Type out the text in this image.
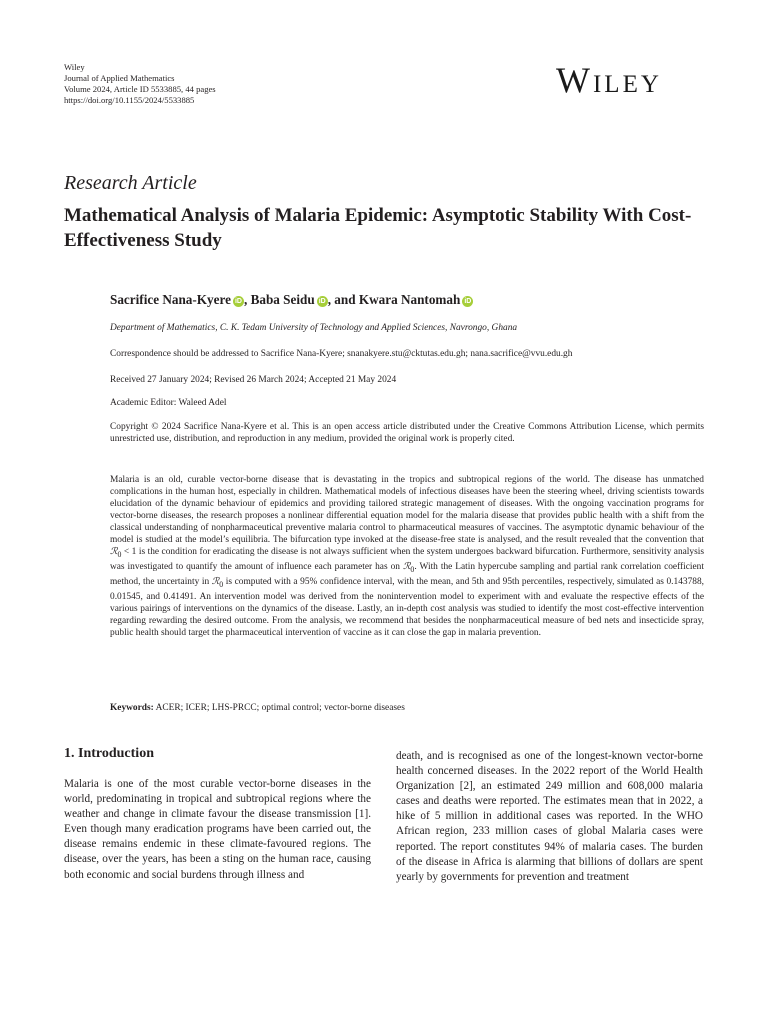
Wiley
Journal of Applied Mathematics
Volume 2024, Article ID 5533885, 44 pages
https://doi.org/10.1155/2024/5533885	Wiley
Research Article
Mathematical Analysis of Malaria Epidemic: Asymptotic Stability With Cost-Effectiveness Study
Sacrifice Nana-Kyere iD , Baba Seidu iD , and Kwara Nantomah iD
Department of Mathematics, C. K. Tedam University of Technology and Applied Sciences, Navrongo, Ghana
Correspondence should be addressed to Sacrifice Nana-Kyere; snanakyere.stu@cktutas.edu.gh; nana.sacrifice@vvu.edu.gh
Received 27 January 2024; Revised 26 March 2024; Accepted 21 May 2024
Academic Editor: Waleed Adel
Copyright © 2024 Sacrifice Nana-Kyere et al. This is an open access article distributed under the Creative Commons Attribution License, which permits unrestricted use, distribution, and reproduction in any medium, provided the original work is properly cited.
Malaria is an old, curable vector-borne disease that is devastating in the tropics and subtropical regions of the world. The disease has unmatched complications in the human host, especially in children. Mathematical models of infectious diseases have been the steering wheel, driving scientists towards elucidation of the dynamic behaviour of epidemics and providing tailored strategic management of diseases. With the ongoing vaccination programs for vector-borne diseases, the research proposes a nonlinear differential equation model for the malaria disease that provides public health with a shift from the classical understanding of nonpharmaceutical preventive malaria control to pharmaceutical measures of vaccines. The asymptotic dynamic behaviour of the model is studied at the model’s equilibria. The bifurcation type invoked at the disease-free state is analysed, and the result revealed that the convention that ℛ$_0$ < 1 is the condition for eradicating the disease is not always sufficient when the system undergoes backward bifurcation. Furthermore, sensitivity analysis was investigated to quantify the amount of influence each parameter has on ℛ$_0$. With the Latin hypercube sampling and partial rank correlation coefficient method, the uncertainty in ℛ$_0$ is computed with a 95% confidence interval, with the mean, and 5th and 95th percentiles, respectively, simulated as 0.143788, 0.01545, and 0.41491. An intervention model was derived from the nonintervention model to experiment with and evaluate the respective effects of the various pairings of interventions on the dynamics of the disease. Lastly, an in-depth cost analysis was studied to identify the most cost-effective intervention regarding rewarding the desired outcome. From the analysis, we recommend that besides the nonpharmaceutical measure of bed nets and insecticide spray, public health should target the pharmaceutical intervention of vaccine as it can close the gap in malaria prevention.
Keywords: ACER; ICER; LHS-PRCC; optimal control; vector-borne diseases
1. Introduction
Malaria is one of the most curable vector-borne diseases in the world, predominating in tropical and subtropical regions where the weather and change in climate favour the disease transmission [1]. Even though many eradication programs have been carried out, the disease remains endemic in these climate-favoured regions. The disease, over the years, has been a sting on the human race, causing both economic and social burdens through illness and
death, and is recognised as one of the longest-known vector-borne health concerned diseases. In the 2022 report of the World Health Organization [2], an estimated 249 million and 608,000 malaria cases and deaths were reported. The estimates mean that in 2022, a hike of 5 million in additional cases was reported. In the WHO African region, 233 million cases of global Malaria cases were reported. The report constitutes 94% of malaria cases. The burden of the disease in Africa is alarming that billions of dollars are spent yearly by governments for prevention and treatment
